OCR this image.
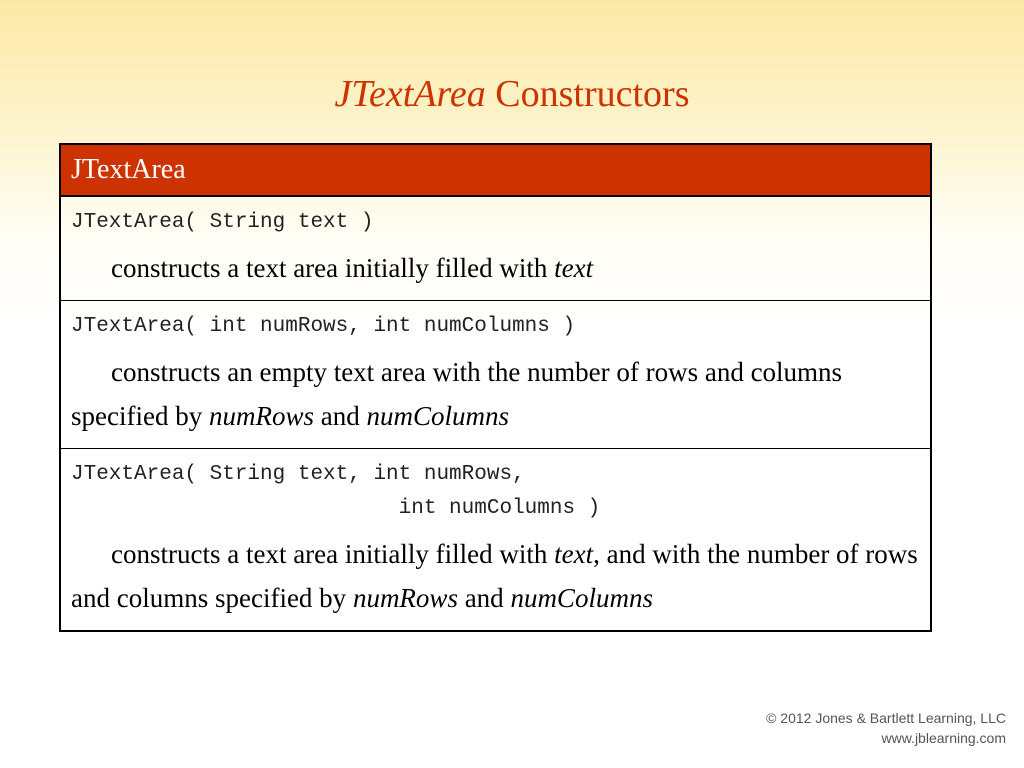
JTextArea Constructors
JTextArea

JTextArea( String text )
constructs a text area initially filled with text

JTextArea( int numRows, int numColumns )
constructs an empty text area with the number of rows and columns specified by numRows and numColumns

JTextArea( String text, int numRows,
int numColumns )
constructs a text area initially filled with text, and with the number of rows and columns specified by numRows and numColumns
© 2012 Jones & Bartlett Learning, LLC
www.jblearning.com
